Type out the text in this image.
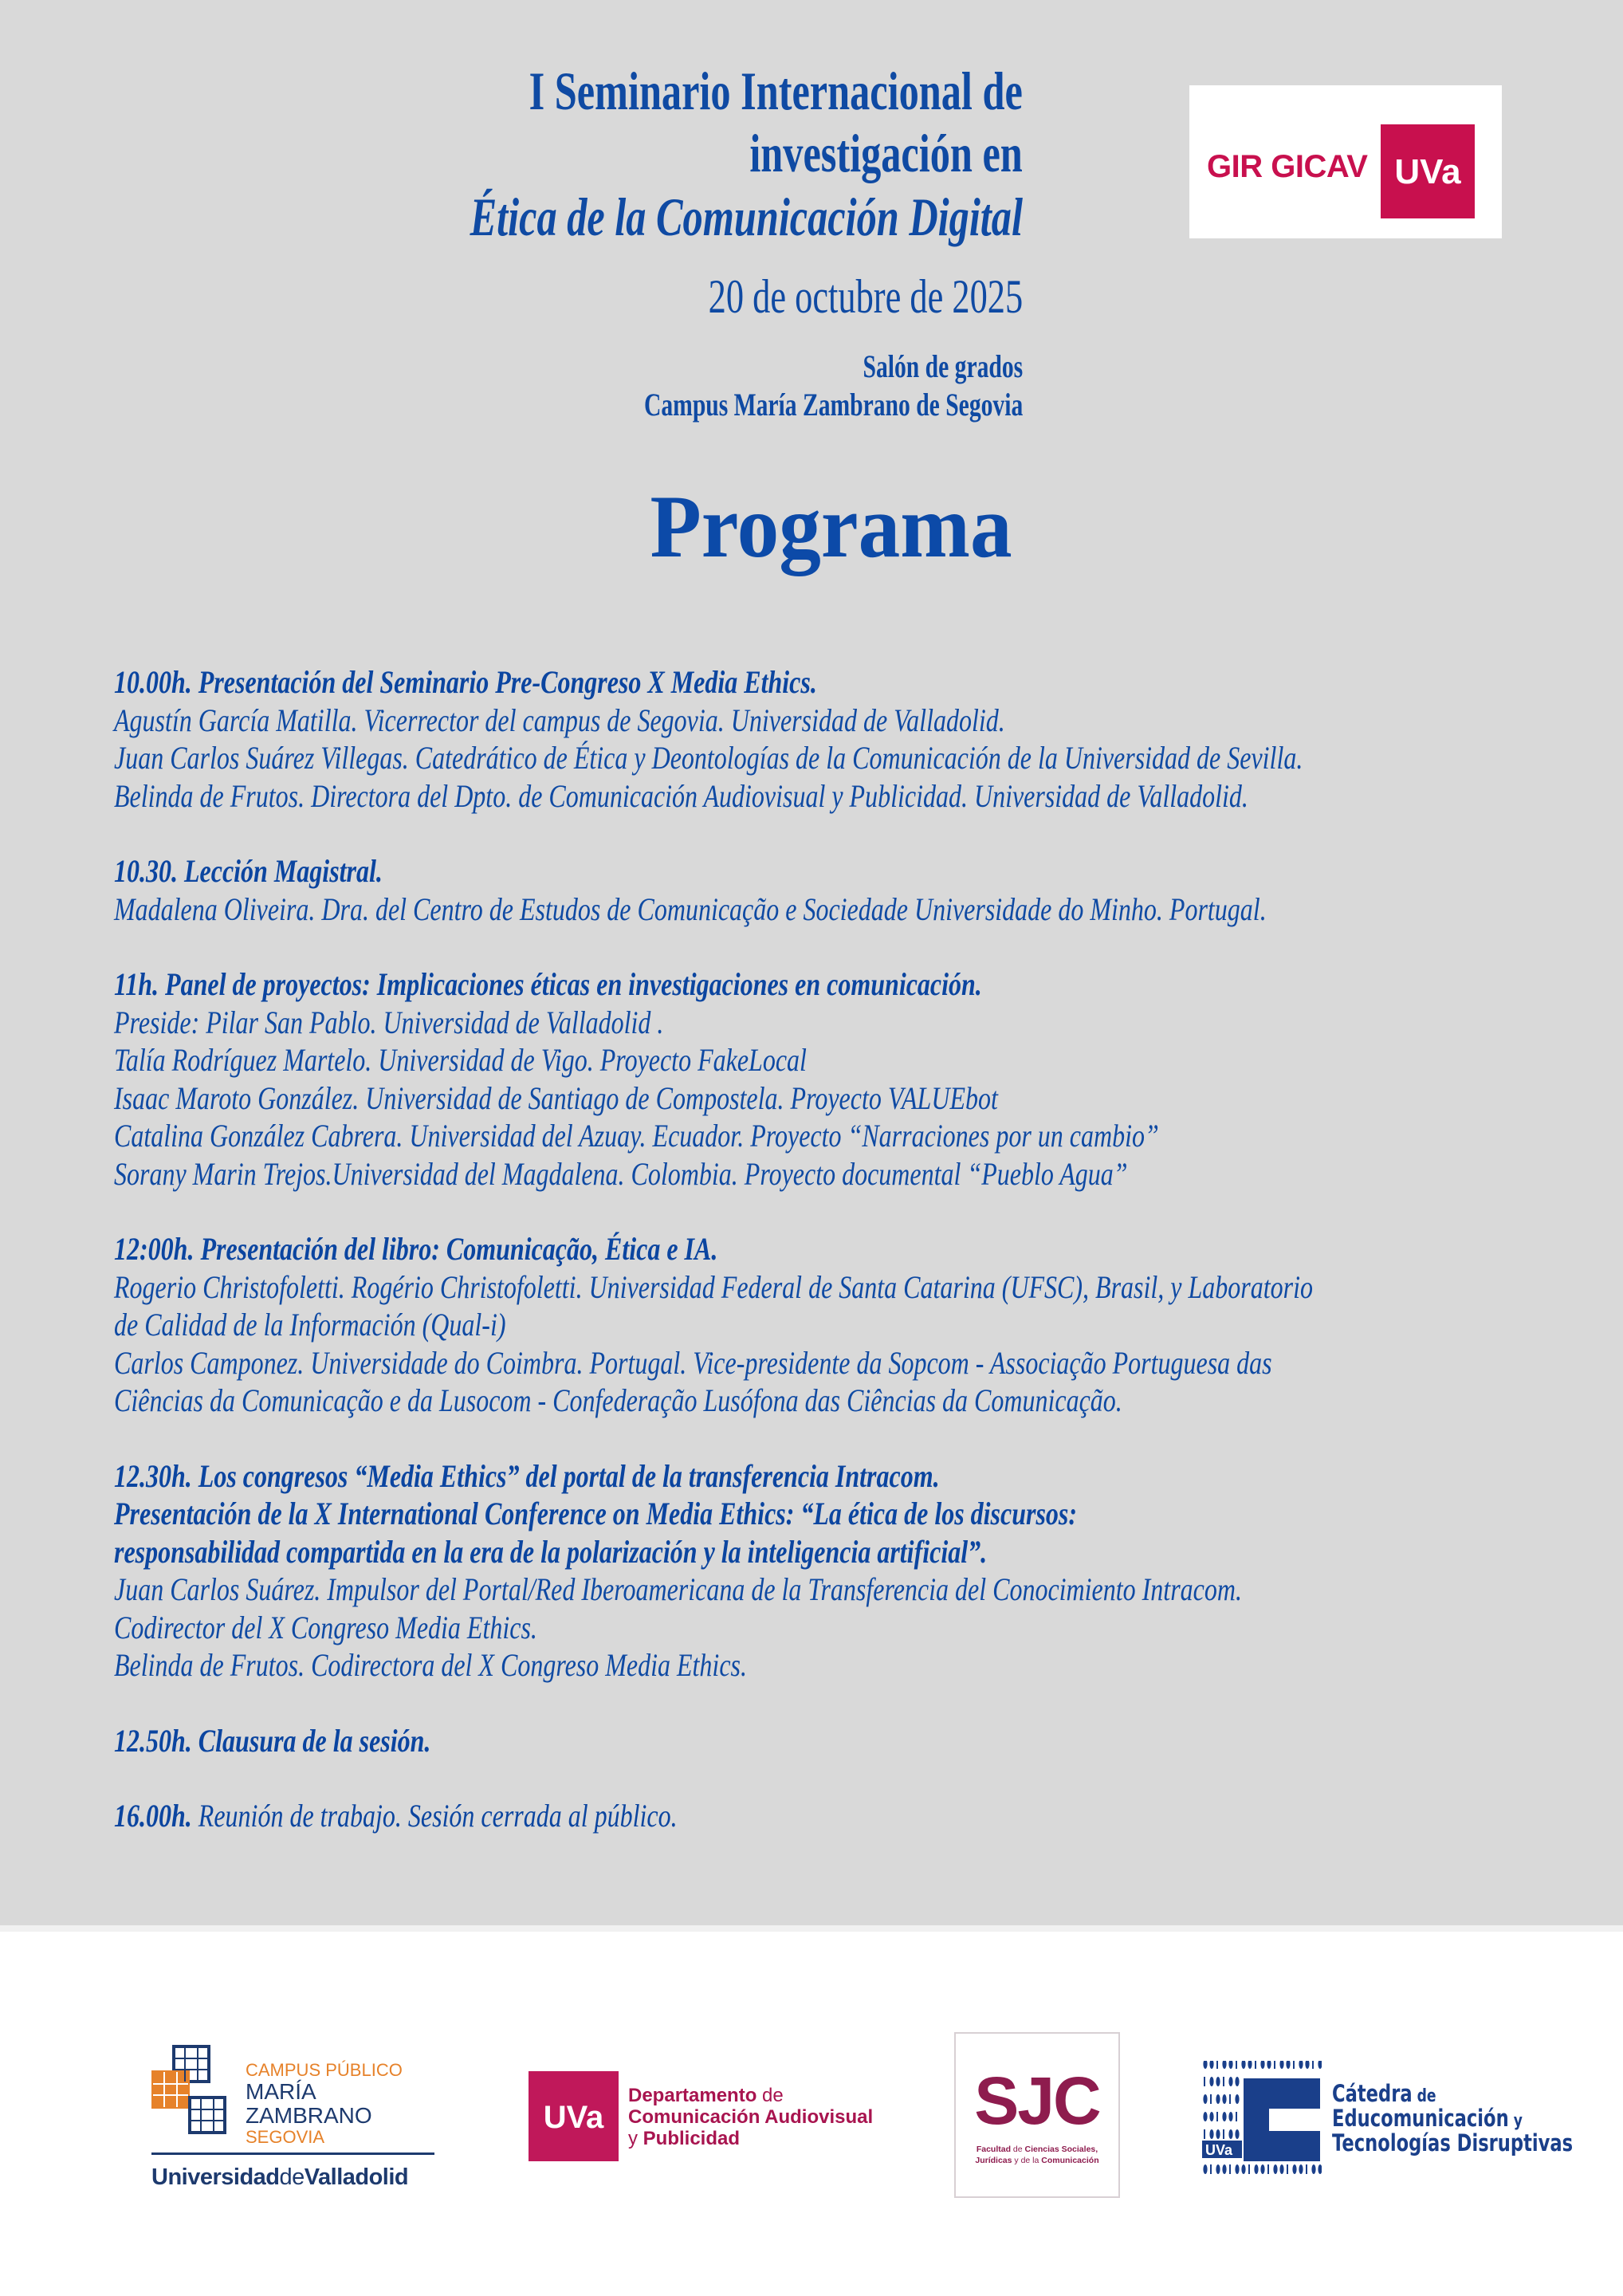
I Seminario Internacional de
investigación en
Ética de la Comunicación Digital
20 de octubre de 2025
Salón de grados
Campus María Zambrano de Segovia
Programa
GIR GICAV UVa
10.00h. Presentación del Seminario Pre-Congreso X Media Ethics.
Agustín García Matilla. Vicerrector del campus de Segovia. Universidad de Valladolid.
Juan Carlos Suárez Villegas. Catedrático de Ética y Deontologías de la Comunicación de la Universidad de Sevilla.
Belinda de Frutos. Directora del Dpto. de Comunicación Audiovisual y Publicidad. Universidad de Valladolid.
10.30. Lección Magistral.
Madalena Oliveira. Dra. del Centro de Estudos de Comunicação e Sociedade Universidade do Minho. Portugal.
11h. Panel de proyectos: Implicaciones éticas en investigaciones en comunicación.
Preside: Pilar San Pablo. Universidad de Valladolid .
Talía Rodríguez Martelo. Universidad de Vigo. Proyecto FakeLocal
Isaac Maroto González. Universidad de Santiago de Compostela. Proyecto VALUEbot
Catalina González Cabrera. Universidad del Azuay. Ecuador. Proyecto “Narraciones por un cambio”
Sorany Marin Trejos.Universidad del Magdalena. Colombia. Proyecto documental “Pueblo Agua”
12:00h. Presentación del libro: Comunicação, Ética e IA.
Rogerio Christofoletti. Rogério Christofoletti. Universidad Federal de Santa Catarina (UFSC), Brasil, y Laboratorio
de Calidad de la Información (Qual-i)
Carlos Camponez. Universidade do Coimbra. Portugal. Vice-presidente da Sopcom - Associação Portuguesa das
Ciências da Comunicação e da Lusocom - Confederação Lusófona das Ciências da Comunicação.
12.30h. Los congresos “Media Ethics” del portal de la transferencia Intracom.
Presentación de la X International Conference on Media Ethics: “La ética de los discursos:
responsabilidad compartida en la era de la polarización y la inteligencia artificial”.
Juan Carlos Suárez. Impulsor del Portal/Red Iberoamericana de la Transferencia del Conocimiento Intracom.
Codirector del X Congreso Media Ethics.
Belinda de Frutos. Codirectora del X Congreso Media Ethics.
12.50h. Clausura de la sesión.
16.00h. Reunión de trabajo. Sesión cerrada al público.
CAMPUS PÚBLICO
MARÍA ZAMBRANO
SEGOVIA
UniversidaddeValladolid
UVa
Departamento de
Comunicación Audiovisual
y Publicidad
SJC
Facultad de Ciencias Sociales,
Jurídicas y de la Comunicación
UVa
Cátedra de
Educomunicación y
Tecnologías Disruptivas
